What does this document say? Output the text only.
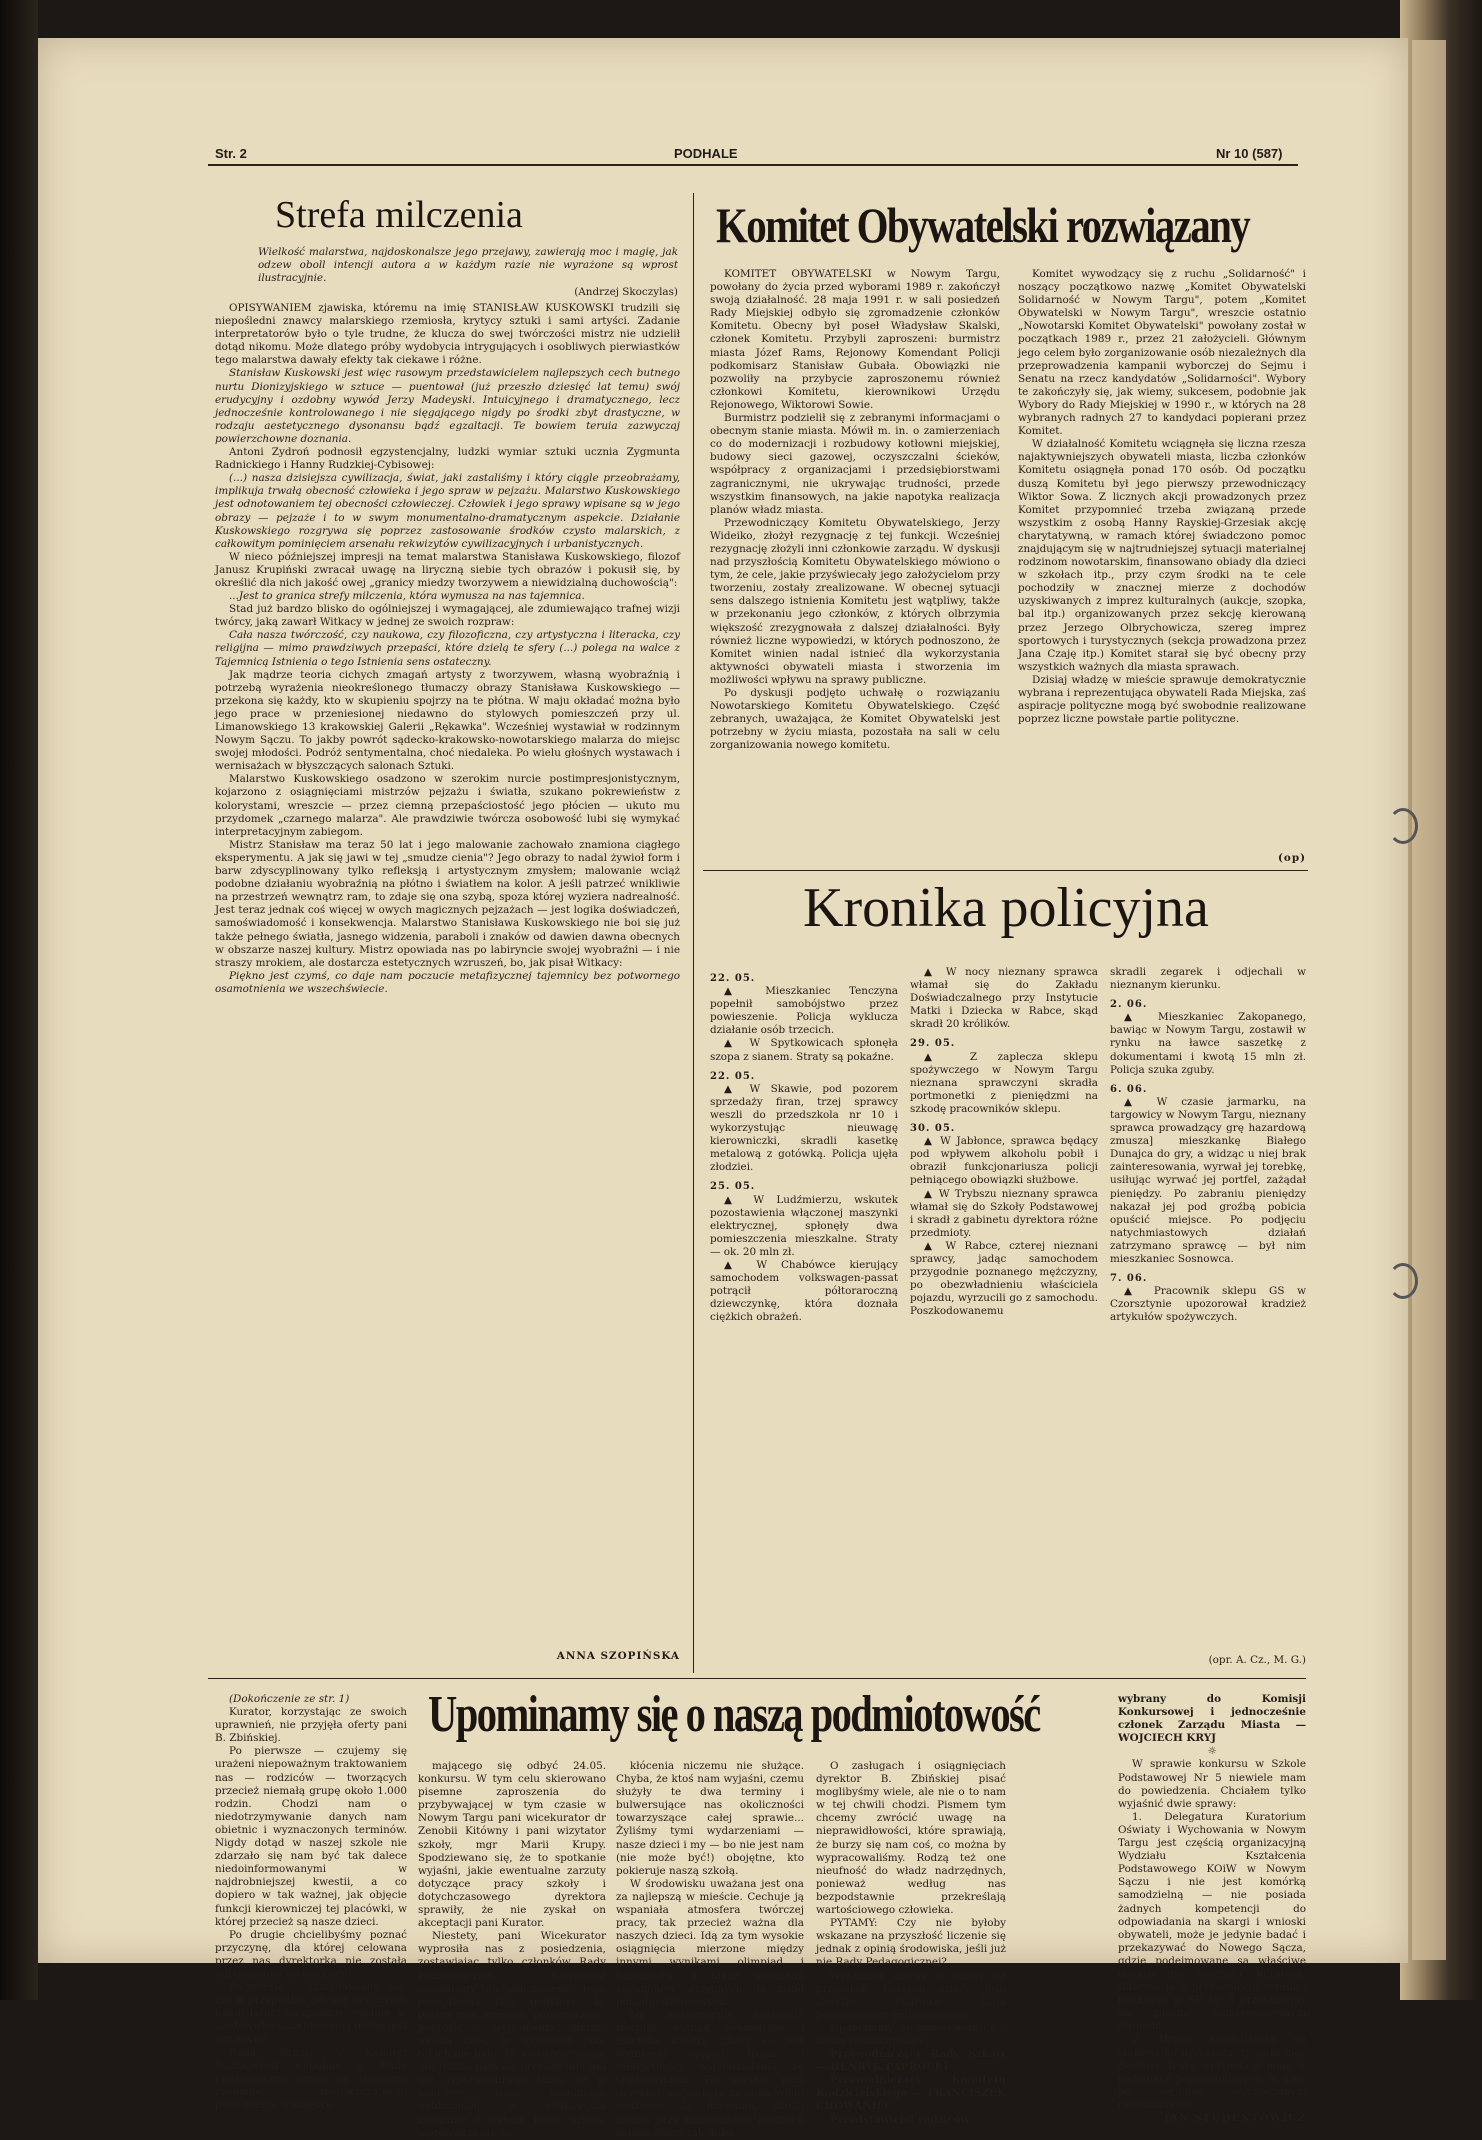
Str. 2	PODHALE	Nr 10 (587)
Strefa milczenia
Wielkość malarstwa, najdoskonalsze jego przejawy, zawierają moc i magię, jak odzew oboll intencji autora a w każdym razie nie wyrażone są wprost ilustracyjnie.
(Andrzej Skoczylas)

OPISYWANIEM zjawiska, któremu na imię STANISŁAW KUSKOWSKI trudzili się niepośledni znawcy malarskiego rzemiosła, krytycy sztuki i sami artyści. Zadanie interpretatorów było o tyle trudne, że klucza do swej twórczości mistrz nie udzielił dotąd nikomu. Może dlatego próby wydobycia intrygujących i osobliwych pierwiastków tego malarstwa dawały efekty tak ciekawe i różne.

Stanisław Kuskowski jest więc rasowym przedstawicielem najlepszych cech butnego nurtu Dionizyjskiego w sztuce — puentował (już przeszło dziesięć lat temu) swój erudycyjny i ozdobny wywód Jerzy Madeyski. Intuicyjnego i dramatycznego, lecz jednocześnie kontrolowanego i nie sięgającego nigdy po środki zbyt drastyczne, w rodzaju aestetycznego dysonansu bądź egzaltacji. Te bowiem teruia zazwyczaj powierzchowne doznania.

Antoni Zydroń podnosił egzystencjalny, ludzki wymiar sztuki ucznia Zygmunta Radnickiego i Hanny Rudzkiej-Cybisowej:

(...) nasza dzisiejsza cywilizacja, świat, jaki zastaliśmy i który ciągle przeobrażamy, implikuja trwałą obecność człowieka i jego spraw w pejzażu. Malarstwo Kuskowskiego jest odnotowaniem tej obecności człowieczej. Człowiek i jego sprawy wpisane są w jego obrazy — pejzaże i to w swym monumentalno-dramatycznym aspekcie. Działanie Kuskowskiego rozgrywa się poprzez zastosowanie środków czysto malarskich, z całkowitym pominięciem arsenału rekwizytów cywilizacyjnych i urbanistycznych.

W nieco późniejszej impresji na temat malarstwa Stanisława Kuskowskiego, filozof Janusz Krupiński zwracał uwagę na liryczną siebie tych obrazów i pokusił się, by określić dla nich jakość owej „granicy miedzy tworzywem a niewidzialną duchowością":

...Jest to granica strefy milczenia, która wymusza na nas tajemnica.

Stad już bardzo blisko do ogólniejszej i wymagającej, ale zdumiewająco trafnej wizji twórcy, jaką zawarł Witkacy w jednej ze swoich rozpraw:

Cała nasza twórczość, czy naukowa, czy filozoficzna, czy artystyczna i literacka, czy religijna — mimo prawdziwych przepaści, które dzielą te sfery (...) polega na walce z Tajemnicą Istnienia o tego Istnienia sens ostateczny.

Jak mądrze teoria cichych zmagań artysty z tworzywem, własną wyobraźnią i potrzebą wyrażenia nieokreślonego tłumaczy obrazy Stanisława Kuskowskiego — przekona się każdy, kto w skupieniu spojrzy na te płótna. W maju okładać można było jego prace w przeniesionej niedawno do stylowych pomieszczeń przy ul. Limanowskiego 13 krakowskiej Galerii „Rękawka". Wcześniej wystawiał w rodzinnym Nowym Sączu. To jakby powrót sądecko-krakowsko-nowotarskiego malarza do miejsc swojej młodości. Podróż sentymentalna, choć niedaleka. Po wielu głośnych wystawach i wernisażach w błyszczących salonach Sztuki.

Malarstwo Kuskowskiego osadzono w szerokim nurcie postimpresjonistycznym, kojarzono z osiągnięciami mistrzów pejzażu i światła, szukano pokrewieństw z kolorystami, wreszcie — przez ciemną przepaściostość jego płócien — ukuto mu przydomek „czarnego malarza". Ale prawdziwie twórcza osobowość lubi się wymykać interpretacyjnym zabiegom.

Mistrz Stanisław ma teraz 50 lat i jego malowanie zachowało znamiona ciągłego eksperymentu. A jak się jawi w tej „smudze cienia"? Jego obrazy to nadal żywioł form i barw zdyscyplinowany tylko refleksją i artystycznym zmysłem; malowanie wciąż podobne działaniu wyobraźnią na płótno i światłem na kolor. A jeśli patrzeć wnikliwie na przestrzeń wewnątrz ram, to zdaje się ona szybą, spoza której wyziera nadrealność. Jest teraz jednak coś więcej w owych magicznych pejzażach — jest logika doświadczeń, samoświadomość i konsekwencja. Malarstwo Stanisława Kuskowskiego nie boi się już także pełnego światła, jasnego widzenia, paraboli i znaków od dawien dawna obecnych w obszarze naszej kultury. Mistrz opowiada nas po labiryncie swojej wyobraźni — i nie straszy mrokiem, ale dostarcza estetycznych wzruszeń, bo, jak pisał Witkacy:

Piękno jest czymś, co daje nam poczucie metafizycznej tajemnicy bez potwornego osamotnienia we wszechświecie.

ANNA SZOPIŃSKA
Komitet Obywatelski rozwiązany

KOMITET OBYWATELSKI w Nowym Targu, powołany do życia przed wyborami 1989 r. zakończył swoją działalność. 28 maja 1991 r. w sali posiedzeń Rady Miejskiej odbyło się zgromadzenie członków Komitetu. Obecny był poseł Władysław Skalski, członek Komitetu. Przybyli zaproszeni: burmistrz miasta Józef Rams, Rejonowy Komendant Policji podkomisarz Stanisław Gubała. Obowiązki nie pozwoliły na przybycie zaproszonemu również członkowi Komitetu, kierownikowi Urzędu Rejonowego, Wiktorowi Sowie.

Burmistrz podzielił się z zebranymi informacjami o obecnym stanie miasta. Mówił m. in. o zamierzeniach co do modernizacji i rozbudowy kotłowni miejskiej, budowy sieci gazowej, oczyszczalni ścieków, współpracy z organizacjami i przedsiębiorstwami zagranicznymi, nie ukrywając trudności, przede wszystkim finansowych, na jakie napotyka realizacja planów władz miasta.

Przewodniczący Komitetu Obywatelskiego, Jerzy Wideiko, złożył rezygnację z tej funkcji. Wcześniej rezygnację złożyli inni członkowie zarządu. W dyskusji nad przyszłością Komitetu Obywatelskiego mówiono o tym, że cele, jakie przyświecały jego założycielom przy tworzeniu, zostały zrealizowane. W obecnej sytuacji sens dalszego istnienia Komitetu jest wątpliwy, także w przekonaniu jego członków, z których olbrzymia większość zrezygnowała z dalszej działalności. Były również liczne wypowiedzi, w których podnoszono, że Komitet winien nadal istnieć dla wykorzystania aktywności obywateli miasta i stworzenia im możliwości wpływu na sprawy publiczne.

Po dyskusji podjęto uchwałę o rozwiązaniu Nowotarskiego Komitetu Obywatelskiego. Część zebranych, uważająca, że Komitet Obywatelski jest potrzebny w życiu miasta, pozostała na sali w celu zorganizowania nowego komitetu.

Komitet wywodzący się z ruchu „Solidarność" i noszący początkowo nazwę „Komitet Obywatelski Solidarność w Nowym Targu", potem „Komitet Obywatelski w Nowym Targu", wreszcie ostatnio „Nowotarski Komitet Obywatelski" powołany został w początkach 1989 r., przez 21 założycieli. Głównym jego celem było zorganizowanie osób niezależnych dla przeprowadzenia kampanii wyborczej do Sejmu i Senatu na rzecz kandydatów „Solidarności". Wybory te zakończyły się, jak wiemy, sukcesem, podobnie jak Wybory do Rady Miejskiej w 1990 r., w których na 28 wybranych radnych 27 to kandydaci popierani przez Komitet.

W działalność Komitetu wciągnęła się liczna rzesza najaktywniejszych obywateli miasta, liczba członków Komitetu osiągnęła ponad 170 osób. Od początku duszą Komitetu był jego pierwszy przewodniczący Wiktor Sowa. Z licznych akcji prowadzonych przez Komitet przypomnieć trzeba związaną przede wszystkim z osobą Hanny Rayskiej-Grzesiak akcję charytatywną, w ramach której świadczono pomoc znajdującym się w najtrudniejszej sytuacji materialnej rodzinom nowotarskim, finansowano obiady dla dzieci w szkołach itp., przy czym środki na te cele pochodziły w znacznej mierze z dochodów uzyskiwanych z imprez kulturalnych (aukcje, szopka, bal itp.) organizowanych przez sekcję kierowaną przez Jerzego Olbrychowicza, szereg imprez sportowych i turystycznych (sekcja prowadzona przez Jana Czaję itp.) Komitet starał się być obecny przy wszystkich ważnych dla miasta sprawach.

Dzisiaj władzę w mieście sprawuje demokratycznie wybrana i reprezentująca obywateli Rada Miejska, zaś aspiracje polityczne mogą być swobodnie realizowane poprzez liczne powstałe partie polityczne.

(op)
Kronika policyjna

22. 05.

▲ Mieszkaniec Tenczyna popełnił samobójstwo przez powieszenie. Policja wyklucza działanie osób trzecich.

▲ W Spytkowicach spłonęła szopa z sianem. Straty są pokaźne.

22. 05.

▲ W Skawie, pod pozorem sprzedaży firan, trzej sprawcy weszli do przedszkola nr 10 i wykorzystując nieuwagę kierowniczki, skradli kasetkę metalową z gotówką. Policja ujęła złodziei.

25. 05.

▲ W Ludźmierzu, wskutek pozostawienia włączonej maszynki elektrycznej, spłonęły dwa pomieszczenia mieszkalne. Straty — ok. 20 mln zł.

▲ W Chabówce kierujący samochodem volkswagen-passat potrącił półtoraroczną dziewczynkę, która doznała ciężkich obrażeń.

▲ W nocy nieznany sprawca włamał się do Zakładu Doświadczalnego przy Instytucie Matki i Dziecka w Rabce, skąd skradł 20 królików.

29. 05.

▲ Z zaplecza sklepu spożywczego w Nowym Targu nieznana sprawczyni skradła portmonetki z pieniędzmi na szkodę pracowników sklepu.

30. 05.

▲ W Jabłonce, sprawca będący pod wpływem alkoholu pobił i obraził funkcjonariusza policji pełniącego obowiązki służbowe.

▲ W Trybszu nieznany sprawca włamał się do Szkoły Podstawowej i skradł z gabinetu dyrektora różne przedmioty.

▲ W Rabce, czterej nieznani sprawcy, jadąc samochodem przygodnie poznanego mężczyzny, po obezwładnieniu właściciela pojazdu, wyrzucili go z samochodu. Poszkodowanemu

skradli zegarek i odjechali w nieznanym kierunku.

2. 06.

▲ Mieszkaniec Zakopanego, bawiąc w Nowym Targu, zostawił w rynku na ławce saszetkę z dokumentami i kwotą 15 mln zł. Policja szuka zguby.

6. 06.

▲ W czasie jarmarku, na targowicy w Nowym Targu, nieznany sprawca prowadzący grę hazardową zmusza] mieszkankę Białego Dunajca do gry, a widząc u niej brak zainteresowania, wyrwał jej torebkę, usiłując wyrwać jej portfel, zażądał pieniędzy. Po zabraniu pieniędzy nakazał jej pod groźbą pobicia opuścić miejsce. Po podjęciu natychmiastowych działań zatrzymano sprawcę — był nim mieszkaniec Sosnowca.

7. 06.

▲ Pracownik sklepu GS w Czorsztynie upozorował kradzież artykułów spożywczych.

(opr. A. Cz., M. G.)
Upominamy się o naszą podmiotowość

(Dokończenie ze str. 1)

Kurator, korzystając ze swoich uprawnień, nie przyjęła oferty pani B. Zbińskiej.

Po pierwsze — czujemy się urażeni niepoważnym traktowaniem nas — rodziców — tworzących przecież niemałą grupę około 1.000 rodzin. Chodzi nam o niedotrzymywanie danych nam obietnic i wyznaczonych terminów. Nigdy dotąd w naszej szkole nie zdarzało się nam być tak dalece niedoinformowanymi w najdrobniejszej kwestii, a co dopiero w tak ważnej, jak objęcie funkcji kierowniczej tej placówki, w której przecież są nasze dzieci.

Po drugie chcielibyśmy poznać przyczynę, dla której celowana przez nas dyrektorka nie została dopuszczona do konkursu.

Po trzecie — zastanawiamy się, czy w przypadku, gdy nie ma innych kandydatur, otrzymanie ogólnie w środowisku akceptowanej osoby jest sensowne.

Rada Szkoły i Komitet Rodzicielski wspólnie z Radą Pedagogiczną uznali za stosowne zwołanie nadzwyczajnego posiedzenia w miejsce

mającego się odbyć 24.05. konkursu. W tym celu skierowano pisemne zaproszenia do przybywającej w tym czasie w Nowym Targu pani wicekurator dr Zenobii Kitówny i pani wizytator szkoły, mgr Marii Krupy. Spodziewano się, że to spotkanie wyjaśni, jakie ewentualne zarzuty dotyczące pracy szkoły i dotychczasowego dyrektora sprawiły, że nie zyskał on akceptacji pani Kurator.

Niestety, pani Wicekurator wyprosiła nas z posiedzenia, zostawiając tylko członków Rady Pedagogicznej. Cierpliwie czekaliśmy na zakończenie tego posiedzenia (2,5 godziny), by potem móc wreszcie porozmawiać, poprosić o wyjaśnienia. Śmiało można rzec, iż wyjaśnień jako takich nie było. To, co usłyszeliśmy, nie trafiło nam do przekonania ani nie usprawiedliwiło faktu, że w końcowe roku szkolnego, nabrzmiałej w wydarzenia związane z trybem pracy szkoły, wprowadza się za-

kłócenia niczemu nie służące. Chyba, że ktoś nam wyjaśni, czemu służyły te dwa terminy i bulwersujące nas okoliczności towarzyszące całej sprawie... Żyliśmy tymi wydarzeniami — nasze dzieci i my — bo nie jest nam (nie może być!) obojętne, kto pokieruje naszą szkołą.

W środowisku uważana jest ona za najlepszą w mieście. Cechuje ją wspaniała atmosfera twórczej pracy, tak przecież ważna dla naszych dzieci. Idą za tym wysokie osiągnięcia mierzone między innymi wynikami olimpiad i konkursów, a także wynikami egzaminów wstępnych do szkół ponadpodstawowych.

Na podkreślenie zasługuje również wygląd zewnętrzny i estetyka wnętrz szkoły, co jest wynikiem ciągłej troski i umiejętności współdziałania ze środowiskiem. To właśnie pani dyrektor pociągnęła za sobą wielu rodziców do działania, dzięki czemu przy minimalnych kosztach osiągnęliśmy tak dużo.

O zasługach i osiągnięciach dyrektor B. Zbińskiej pisać moglibyśmy wiele, ale nie o to nam w tej chwili chodzi. Pismem tym chcemy zwrócić uwagę na nieprawidłowości, które sprawiają, że burzy się nam coś, co można by wypracowaliśmy. Rodzą też one nieufność do władz nadrzędnych, ponieważ według nas bezpodstawnie przekreślają wartościowego człowieka.

PYTAMY: Czy nie byłoby wskazane na przyszłość liczenie się jednak z opinią środowiska, jeśli już nie Rady Pedagogicznej?

Wyrażamy obawę o szkołę na przyszłość naszych dzieci, jeśli decyzje kadrowe będą podejmowane jednoosobowo.

Upominamy się konsekwentnie o naszą podmiotowość.

Przewodniczący Rady Szkoły — HENRYK PAPROCKI

Przewodniczący Komitetu Rodzicielskiego — FRANCISZEK CHOWANIEC

Przedstawiciel rodziców

wybrany do Komisji Konkursowej i jednocześnie członek Zarządu Miasta — WOJCIECH KRYJ

☼

W sprawie konkursu w Szkole Podstawowej Nr 5 niewiele mam do powiedzenia. Chciałem tylko wyjaśnić dwie sprawy:

1. Delegatura Kuratorium Oświaty i Wychowania w Nowym Targu jest częścią organizacyjną Wydziału Kształcenia Podstawowego KOiW w Nowym Sączu i nie jest komórką samodzielną — nie posiada żadnych kompetencji do odpowiadania na skargi i wnioski obywateli, może je jedynie badać i przekazywać do Nowego Sącza, gdzie podejmowane są właściwe decyzje na szczeblu Kuratora. Informację o przesunięciu terminu konkursu w SP Nr 5 przesłaliśmy na piśmie zainteresowanym stronom.

2. Druga kandydatura na stanowisko dyrektora, tj. pani mgr Barbary Truty, wpłynęła 8 maja w godzinach popołudniowych, w więc po terminie wyznaczonym regulaminowo.

JAN STUDENTOWICZ
